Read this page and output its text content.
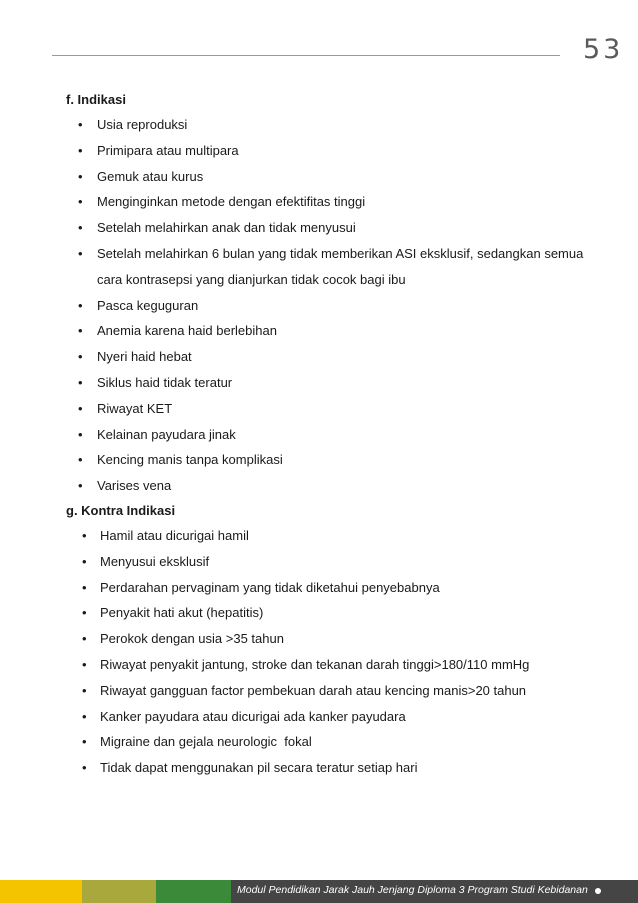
53
f. Indikasi
• Usia reproduksi
• Primipara atau multipara
• Gemuk atau kurus
• Menginginkan metode dengan efektifitas tinggi
• Setelah melahirkan anak dan tidak menyusui
• Setelah melahirkan 6 bulan yang tidak memberikan ASI eksklusif, sedangkan semua cara kontrasepsi yang dianjurkan tidak cocok bagi ibu
• Pasca keguguran
• Anemia karena haid berlebihan
• Nyeri haid hebat
• Siklus haid tidak teratur
• Riwayat KET
• Kelainan payudara jinak
• Kencing manis tanpa komplikasi
• Varises vena
g. Kontra Indikasi
• Hamil atau dicurigai hamil
• Menyusui eksklusif
• Perdarahan pervaginam yang tidak diketahui penyebabnya
• Penyakit hati akut (hepatitis)
• Perokok dengan usia >35 tahun
• Riwayat penyakit jantung, stroke dan tekanan darah tinggi>180/110 mmHg
• Riwayat gangguan factor pembekuan darah atau kencing manis>20 tahun
• Kanker payudara atau dicurigai ada kanker payudara
• Migraine dan gejala neurologic  fokal
• Tidak dapat menggunakan pil secara teratur setiap hari
Modul Pendidikan Jarak Jauh Jenjang Diploma 3 Program Studi Kebidanan
